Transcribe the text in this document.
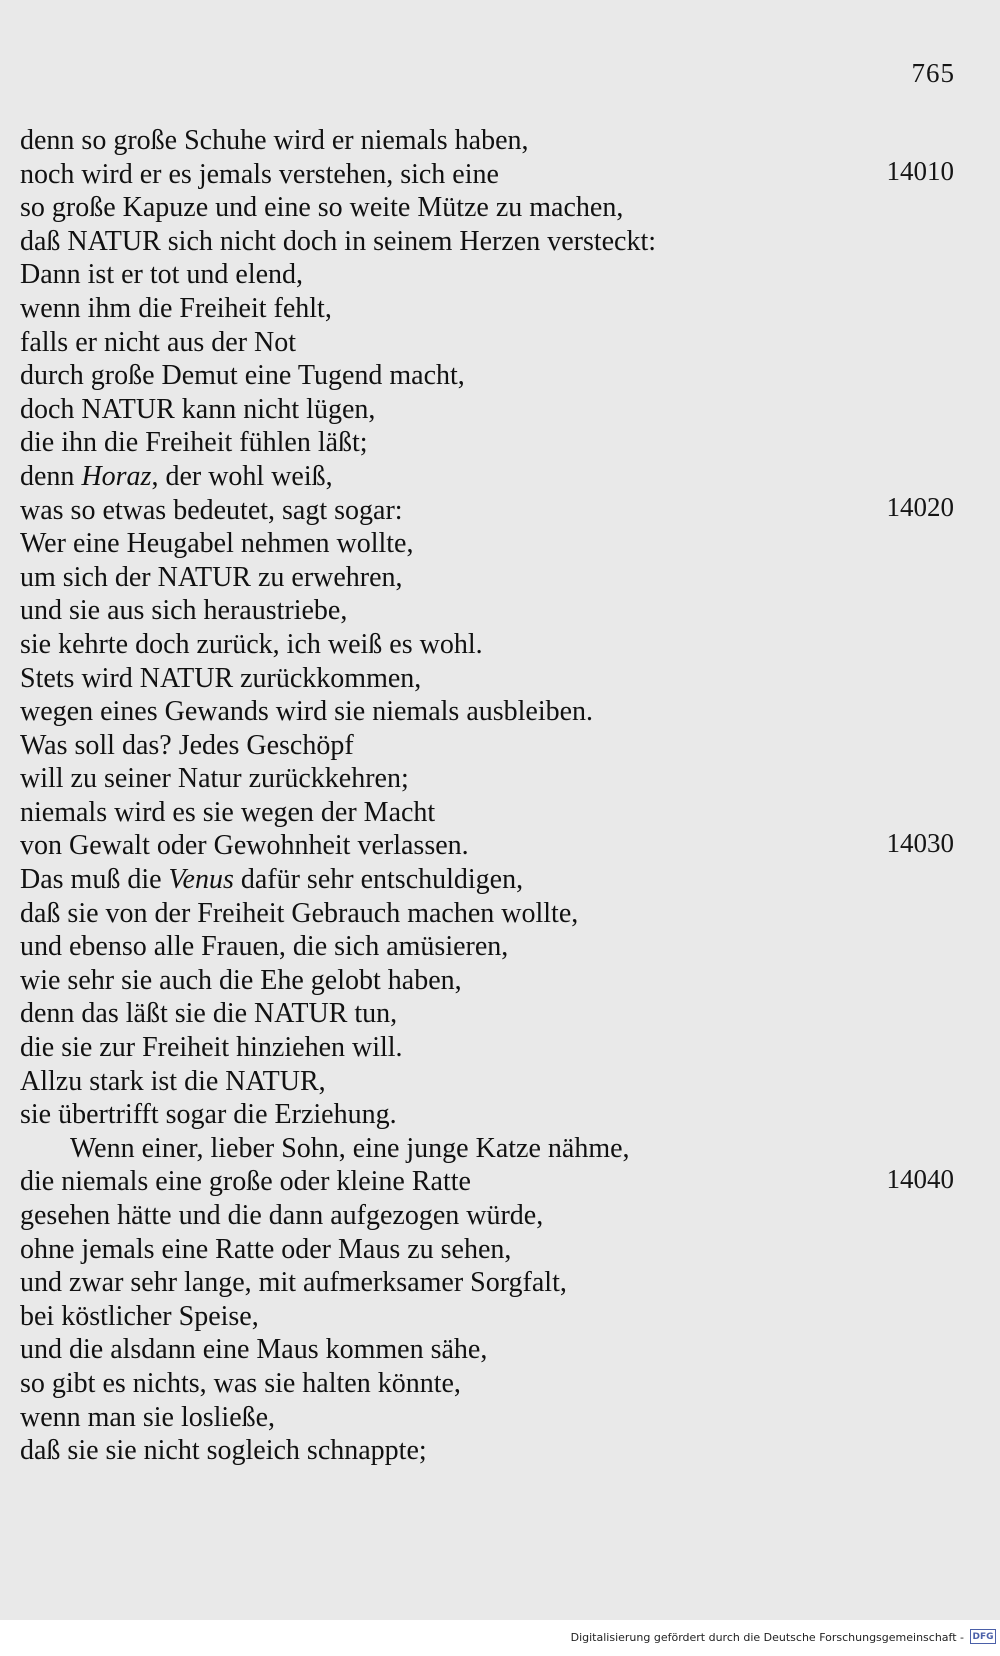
765
denn so große Schuhe wird er niemals haben,
noch wird er es jemals verstehen, sich eine
so große Kapuze und eine so weite Mütze zu machen,
daß NATUR sich nicht doch in seinem Herzen versteckt:
Dann ist er tot und elend,
wenn ihm die Freiheit fehlt,
falls er nicht aus der Not
durch große Demut eine Tugend macht,
doch NATUR kann nicht lügen,
die ihn die Freiheit fühlen läßt;
denn Horaz, der wohl weiß,
was so etwas bedeutet, sagt sogar:
Wer eine Heugabel nehmen wollte,
um sich der NATUR zu erwehren,
und sie aus sich heraustriebe,
sie kehrte doch zurück, ich weiß es wohl.
Stets wird NATUR zurückkommen,
wegen eines Gewands wird sie niemals ausbleiben.
Was soll das? Jedes Geschöpf
will zu seiner Natur zurückkehren;
niemals wird es sie wegen der Macht
von Gewalt oder Gewohnheit verlassen.
Das muß die Venus dafür sehr entschuldigen,
daß sie von der Freiheit Gebrauch machen wollte,
und ebenso alle Frauen, die sich amüsieren,
wie sehr sie auch die Ehe gelobt haben,
denn das läßt sie die NATUR tun,
die sie zur Freiheit hinziehen will.
Allzu stark ist die NATUR,
sie übertrifft sogar die Erziehung.
Wenn einer, lieber Sohn, eine junge Katze nähme,
die niemals eine große oder kleine Ratte
gesehen hätte und die dann aufgezogen würde,
ohne jemals eine Ratte oder Maus zu sehen,
und zwar sehr lange, mit aufmerksamer Sorgfalt,
bei köstlicher Speise,
und die alsdann eine Maus kommen sähe,
so gibt es nichts, was sie halten könnte,
wenn man sie losließe,
daß sie sie nicht sogleich schnappte;
14010
14020
14030
14040
Digitalisierung gefördert durch die Deutsche Forschungsgemeinschaft - DFG
